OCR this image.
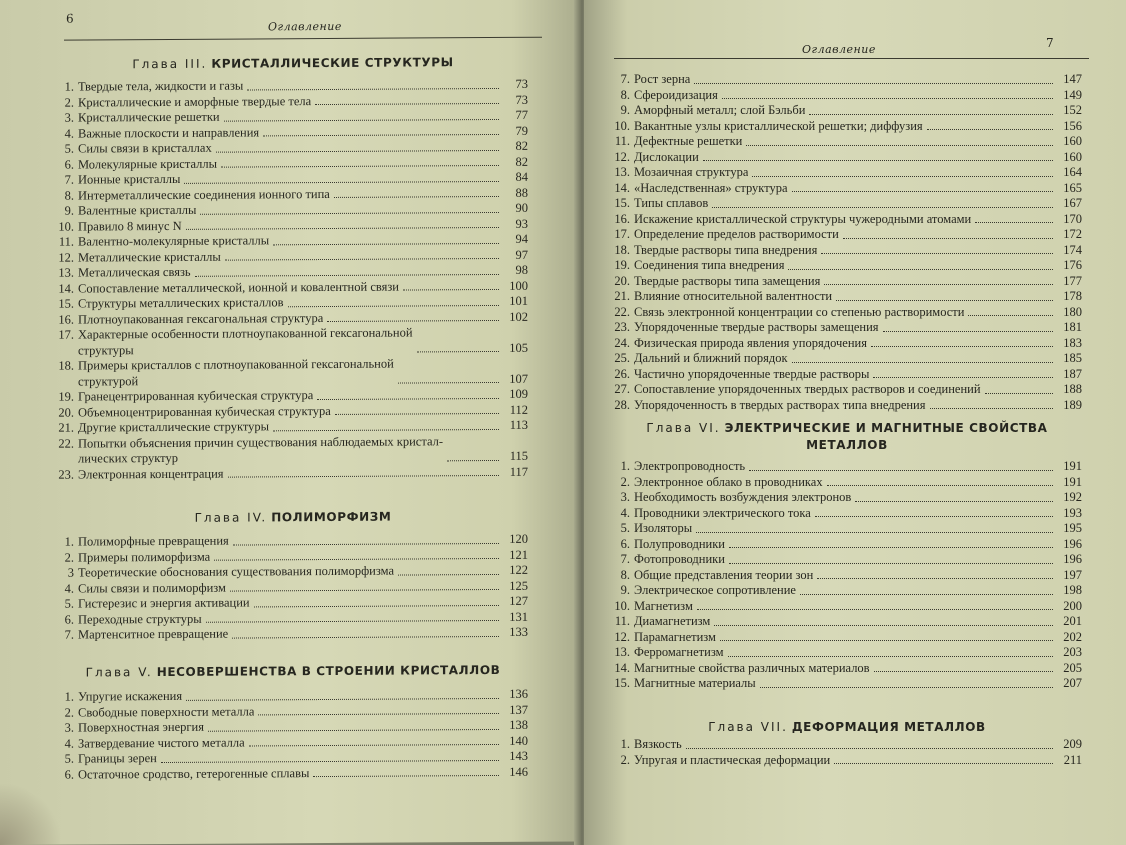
6
Оглавление
Глава III. КРИСТАЛЛИЧЕСКИЕ СТРУКТУРЫ
1. Твердые тела, жидкости и газы	73
2. Кристаллические и аморфные твердые тела	73
3. Кристаллические решетки	77
4. Важные плоскости и направления	79
5. Силы связи в кристаллах	82
6. Молекулярные кристаллы	82
7. Ионные кристаллы	84
8. Интерметаллические соединения ионного типа	88
9. Валентные кристаллы	90
10. Правило 8 минус N	93
11. Валентно-молекулярные кристаллы	94
12. Металлические кристаллы	97
13. Металлическая связь	98
14. Сопоставление металлической, ионной и ковалентной связи	100
15. Структуры металлических кристаллов	101
16. Плотноупакованная гексагональная структура	102
17. Характерные особенности плотноупакованной гексагональной
структуры	105
18. Примеры кристаллов с плотноупакованной гексагональной
структурой	107
19. Гранецентрированная кубическая структура	109
20. Объемноцентрированная кубическая структура	112
21. Другие кристаллические структуры	113
22. Попытки объяснения причин существования наблюдаемых кристал-
лических структур	115
23. Электронная концентрация	117
Глава IV. ПОЛИМОРФИЗМ
1. Полиморфные превращения	120
2. Примеры полиморфизма	121
3 Теоретические обоснования существования полиморфизма	122
4. Силы связи и полиморфизм	125
5. Гистерезис и энергия активации	127
6. Переходные структуры	131
7. Мартенситное превращение	133
Глава V. НЕСОВЕРШЕНСТВА В СТРОЕНИИ КРИСТАЛЛОВ
1. Упругие искажения	136
2. Свободные поверхности металла	137
3. Поверхностная энергия	138
4. Затвердевание чистого металла	140
5. Границы зерен	143
6. Остаточное сродство, гетерогенные сплавы	146
7
Оглавление
7. Рост зерна	147
8. Сфероидизация	149
9. Аморфный металл; слой Бэльби	152
10. Вакантные узлы кристаллической решетки; диффузия	156
11. Дефектные решетки	160
12. Дислокации	160
13. Мозаичная структура	164
14. «Наследственная» структура	165
15. Типы сплавов	167
16. Искажение кристаллической структуры чужеродными атомами	170
17. Определение пределов растворимости	172
18. Твердые растворы типа внедрения	174
19. Соединения типа внедрения	176
20. Твердые растворы типа замещения	177
21. Влияние относительной валентности	178
22. Связь электронной концентрации со степенью растворимости	180
23. Упорядоченные твердые растворы замещения	181
24. Физическая природа явления упорядочения	183
25. Дальний и ближний порядок	185
26. Частично упорядоченные твердые растворы	187
27. Сопоставление упорядоченных твердых растворов и соединений	188
28. Упорядоченность в твердых растворах типа внедрения	189
Глава VI. ЭЛЕКТРИЧЕСКИЕ И МАГНИТНЫЕ СВОЙСТВА
МЕТАЛЛОВ
1. Электропроводность	191
2. Электронное облако в проводниках	191
3. Необходимость возбуждения электронов	192
4. Проводники электрического тока	193
5. Изоляторы	195
6. Полупроводники	196
7. Фотопроводники	196
8. Общие представления теории зон	197
9. Электрическое сопротивление	198
10. Магнетизм	200
11. Диамагнетизм	201
12. Парамагнетизм	202
13. Ферромагнетизм	203
14. Магнитные свойства различных материалов	205
15. Магнитные материалы	207
Глава VII. ДЕФОРМАЦИЯ МЕТАЛЛОВ
1. Вязкость	209
2. Упругая и пластическая деформации	211
